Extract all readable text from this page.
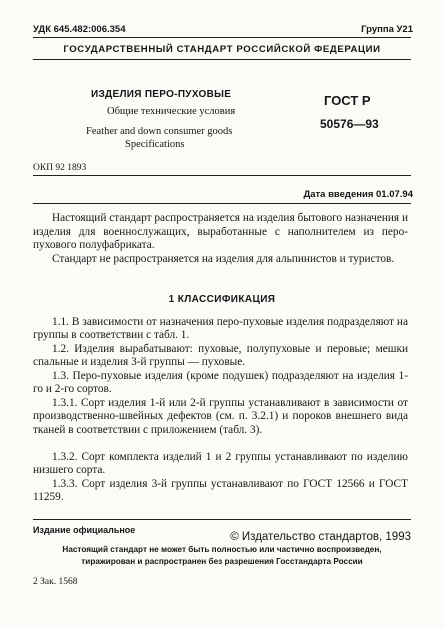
УДК 645.482:006.354	Группа У21
ГОСУДАРСТВЕННЫЙ СТАНДАРТ РОССИЙСКОЙ ФЕДЕРАЦИИ
ИЗДЕЛИЯ ПЕРО-ПУХОВЫЕ
Общие технические условия
Feather and down consumer goods
Specifications
ГОСТ Р
50576—93
ОКП 92 1893
Дата введения 01.07.94
Настоящий стандарт распространяется на изделия бытового назначения и изделия для военнослужащих, выработанные с наполнителем из перо-пухового полуфабриката.
Стандарт не распространяется на изделия для альпинистов и туристов.
1 КЛАССИФИКАЦИЯ
1.1. В зависимости от назначения перо-пуховые изделия подразделяют на группы в соответствии с табл. 1.
1.2. Изделия вырабатывают: пуховые, полупуховые и перовые; мешки спальные и изделия 3-й группы — пуховые.
1.3. Перо-пуховые изделия (кроме подушек) подразделяют на изделия 1-го и 2-го сортов.
1.3.1. Сорт изделия 1-й или 2-й группы устанавливают в зависимости от производственно-швейных дефектов (см. п. 3.2.1) и пороков внешнего вида тканей в соответствии с приложением (табл. 3).
1.3.2. Сорт комплекта изделий 1 и 2 группы устанавливают по изделию низшего сорта.
1.3.3. Сорт изделия 3-й группы устанавливают по ГОСТ 12566 и ГОСТ 11259.
Издание официальное
© Издательство стандартов, 1993
Настоящий стандарт не может быть полностью или частично воспроизведен,
тиражирован и распространен без разрешения Госстандарта России
2 Зак. 1568
